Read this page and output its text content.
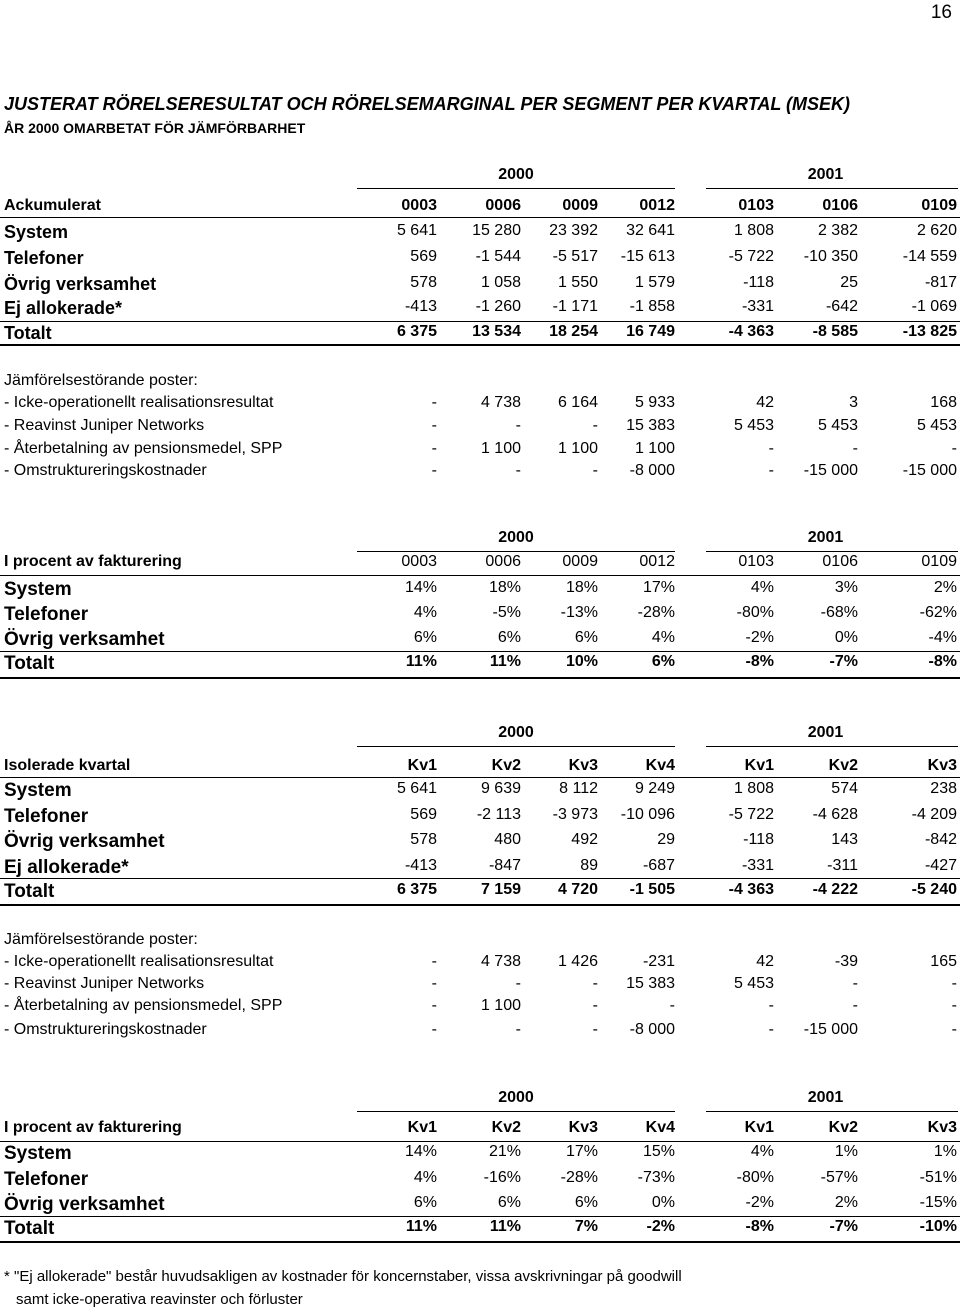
16
JUSTERAT RÖRELSERESULTAT OCH RÖRELSEMARGINAL PER SEGMENT PER KVARTAL (MSEK)
ÅR 2000 OMARBETAT FÖR JÄMFÖRBARHET
2000	2001
Ackumulerat	0003	0006	0009	0012	0103	0106	0109
System	5 641	15 280	23 392	32 641	1 808	2 382	2 620
Telefoner	569	-1 544	-5 517	-15 613	-5 722	-10 350	-14 559
Övrig verksamhet	578	1 058	1 550	1 579	-118	25	-817
Ej allokerade*	-413	-1 260	-1 171	-1 858	-331	-642	-1 069
Totalt	6 375	13 534	18 254	16 749	-4 363	-8 585	-13 825
Jämförelsestörande poster:
- Icke-operationellt realisationsresultat	-	4 738	6 164	5 933	42	3	168
- Reavinst Juniper Networks	-	-	-	15 383	5 453	5 453	5 453
- Återbetalning av pensionsmedel, SPP	-	1 100	1 100	1 100	-	-	-
- Omstruktureringskostnader	-	-	-	-8 000	-	-15 000	-15 000
2000	2001
I procent av fakturering	0003	0006	0009	0012	0103	0106	0109
System	14%	18%	18%	17%	4%	3%	2%
Telefoner	4%	-5%	-13%	-28%	-80%	-68%	-62%
Övrig verksamhet	6%	6%	6%	4%	-2%	0%	-4%
Totalt	11%	11%	10%	6%	-8%	-7%	-8%
2000	2001
Isolerade kvartal	Kv1	Kv2	Kv3	Kv4	Kv1	Kv2	Kv3
System	5 641	9 639	8 112	9 249	1 808	574	238
Telefoner	569	-2 113	-3 973	-10 096	-5 722	-4 628	-4 209
Övrig verksamhet	578	480	492	29	-118	143	-842
Ej allokerade*	-413	-847	89	-687	-331	-311	-427
Totalt	6 375	7 159	4 720	-1 505	-4 363	-4 222	-5 240
Jämförelsestörande poster:
- Icke-operationellt realisationsresultat	-	4 738	1 426	-231	42	-39	165
- Reavinst Juniper Networks	-	-	-	15 383	5 453	-	-
- Återbetalning av pensionsmedel, SPP	-	1 100	-	-	-	-	-
- Omstruktureringskostnader	-	-	-	-8 000	-	-15 000	-
2000	2001
I procent av fakturering	Kv1	Kv2	Kv3	Kv4	Kv1	Kv2	Kv3
System	14%	21%	17%	15%	4%	1%	1%
Telefoner	4%	-16%	-28%	-73%	-80%	-57%	-51%
Övrig verksamhet	6%	6%	6%	0%	-2%	2%	-15%
Totalt	11%	11%	7%	-2%	-8%	-7%	-10%
* "Ej allokerade" består huvudsakligen av kostnader för koncernstaber, vissa avskrivningar på goodwill
samt icke-operativa reavinster och förluster
